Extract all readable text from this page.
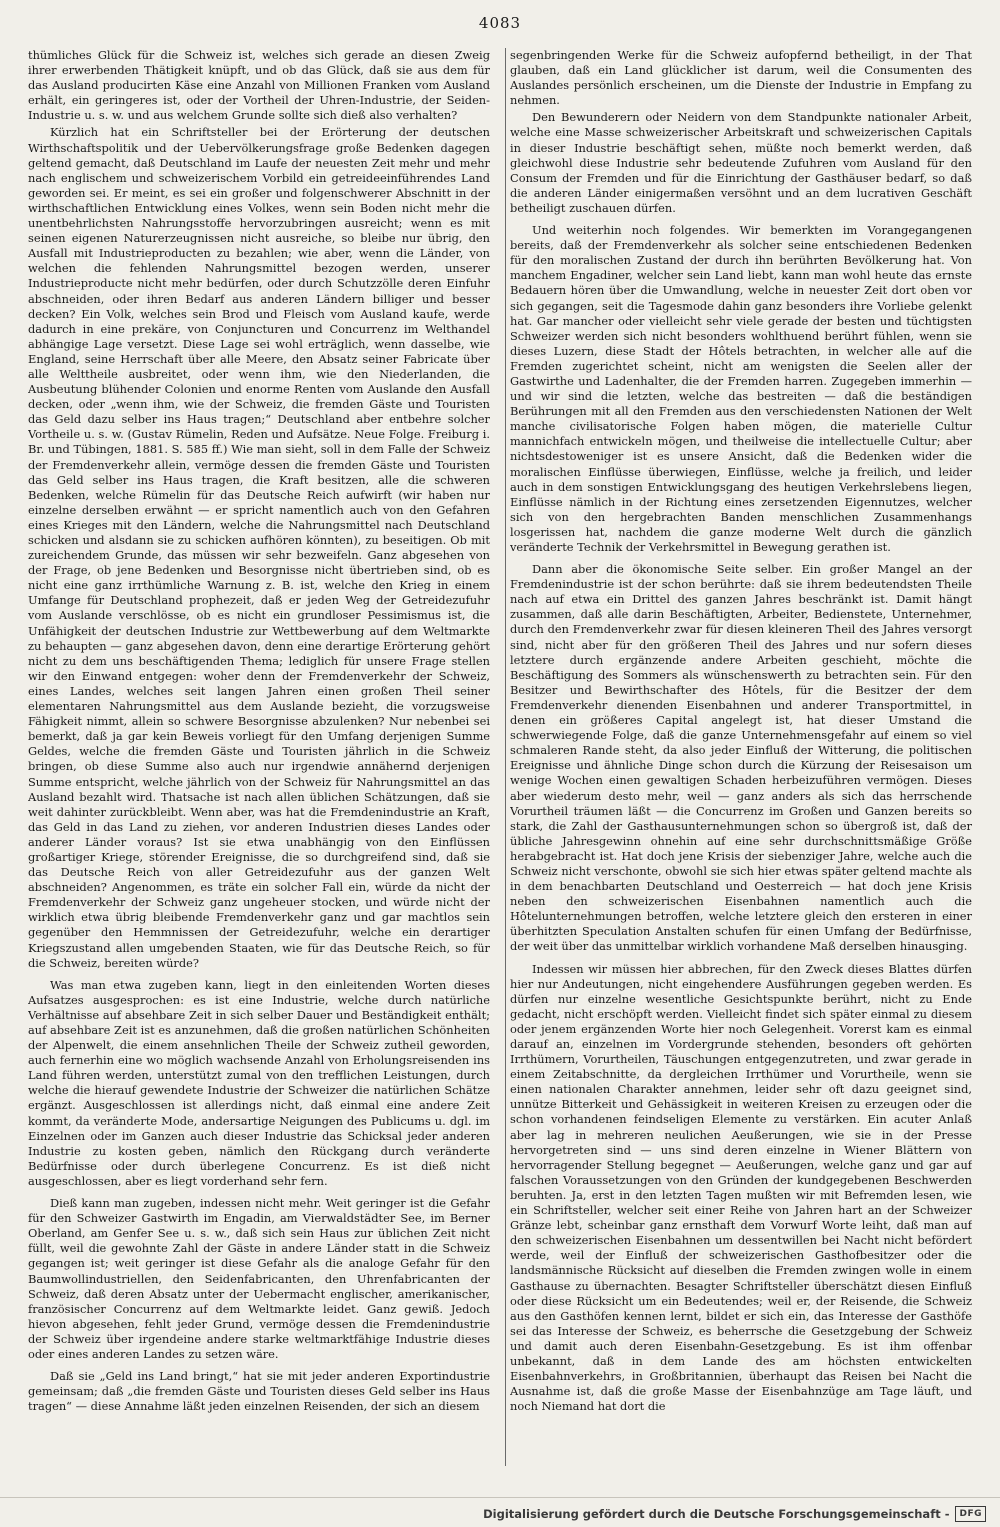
4083

thümliches Glück für die Schweiz ist, welches sich gerade an diesen Zweig ihrer erwerbenden Thätigkeit knüpft, und ob das Glück, daß sie aus dem für das Ausland producirten Käse eine Anzahl von Millionen Franken vom Ausland erhält, ein geringeres ist, oder der Vortheil der Uhren-Industrie, der Seiden-Industrie u. s. w. und aus welchem Grunde sollte sich dieß also verhalten?

Kürzlich hat ein Schriftsteller bei der Erörterung der deutschen Wirthschaftspolitik und der Uebervölkerungsfrage große Bedenken dagegen geltend gemacht, daß Deutschland im Laufe der neuesten Zeit mehr und mehr nach englischem und schweizerischem Vorbild ein getreideeinführendes Land geworden sei. Er meint, es sei ein großer und folgenschwerer Abschnitt in der wirthschaftlichen Entwicklung eines Volkes, wenn sein Boden nicht mehr die unentbehrlichsten Nahrungsstoffe hervorzubringen ausreicht; wenn es mit seinen eigenen Naturerzeugnissen nicht ausreiche, so bleibe nur übrig, den Ausfall mit Industrieproducten zu bezahlen; wie aber, wenn die Länder, von welchen die fehlenden Nahrungsmittel bezogen werden, unserer Industrieproducte nicht mehr bedürfen, oder durch Schutzzölle deren Einfuhr abschneiden, oder ihren Bedarf aus anderen Ländern billiger und besser decken? Ein Volk, welches sein Brod und Fleisch vom Ausland kaufe, werde dadurch in eine prekäre, von Conjuncturen und Concurrenz im Welthandel abhängige Lage versetzt. Diese Lage sei wohl erträglich, wenn dasselbe, wie England, seine Herrschaft über alle Meere, den Absatz seiner Fabricate über alle Welttheile ausbreitet, oder wenn ihm, wie den Niederlanden, die Ausbeutung blühender Colonien und enorme Renten vom Auslande den Ausfall decken, oder „wenn ihm, wie der Schweiz, die fremden Gäste und Touristen das Geld dazu selber ins Haus tragen;“ Deutschland aber entbehre solcher Vortheile u. s. w. (Gustav Rümelin, Reden und Aufsätze. Neue Folge. Freiburg i. Br. und Tübingen, 1881. S. 585 ff.) Wie man sieht, soll in dem Falle der Schweiz der Fremdenverkehr allein, vermöge dessen die fremden Gäste und Touristen das Geld selber ins Haus tragen, die Kraft besitzen, alle die schweren Bedenken, welche Rümelin für das Deutsche Reich aufwirft (wir haben nur einzelne derselben erwähnt — er spricht namentlich auch von den Gefahren eines Krieges mit den Ländern, welche die Nahrungsmittel nach Deutschland schicken und alsdann sie zu schicken aufhören könnten), zu beseitigen. Ob mit zureichendem Grunde, das müssen wir sehr bezweifeln. Ganz abgesehen von der Frage, ob jene Bedenken und Besorgnisse nicht übertrieben sind, ob es nicht eine ganz irrthümliche Warnung z. B. ist, welche den Krieg in einem Umfange für Deutschland prophezeit, daß er jeden Weg der Getreidezufuhr vom Auslande verschlösse, ob es nicht ein grundloser Pessimismus ist, die Unfähigkeit der deutschen Industrie zur Wettbewerbung auf dem Weltmarkte zu behaupten — ganz abgesehen davon, denn eine derartige Erörterung gehört nicht zu dem uns beschäftigenden Thema; lediglich für unsere Frage stellen wir den Einwand entgegen: woher denn der Fremdenverkehr der Schweiz, eines Landes, welches seit langen Jahren einen großen Theil seiner elementaren Nahrungsmittel aus dem Auslande bezieht, die vorzugsweise Fähigkeit nimmt, allein so schwere Besorgnisse abzulenken? Nur nebenbei sei bemerkt, daß ja gar kein Beweis vorliegt für den Umfang derjenigen Summe Geldes, welche die fremden Gäste und Touristen jährlich in die Schweiz bringen, ob diese Summe also auch nur irgendwie annähernd derjenigen Summe entspricht, welche jährlich von der Schweiz für Nahrungsmittel an das Ausland bezahlt wird. Thatsache ist nach allen üblichen Schätzungen, daß sie weit dahinter zurückbleibt. Wenn aber, was hat die Fremdenindustrie an Kraft, das Geld in das Land zu ziehen, vor anderen Industrien dieses Landes oder anderer Länder voraus? Ist sie etwa unabhängig von den Einflüssen großartiger Kriege, störender Ereignisse, die so durchgreifend sind, daß sie das Deutsche Reich von aller Getreidezufuhr aus der ganzen Welt abschneiden? Angenommen, es träte ein solcher Fall ein, würde da nicht der Fremdenverkehr der Schweiz ganz ungeheuer stocken, und würde nicht der wirklich etwa übrig bleibende Fremdenverkehr ganz und gar machtlos sein gegenüber den Hemmnissen der Getreidezufuhr, welche ein derartiger Kriegszustand allen umgebenden Staaten, wie für das Deutsche Reich, so für die Schweiz, bereiten würde?

Was man etwa zugeben kann, liegt in den einleitenden Worten dieses Aufsatzes ausgesprochen: es ist eine Industrie, welche durch natürliche Verhältnisse auf absehbare Zeit in sich selber Dauer und Beständigkeit enthält; auf absehbare Zeit ist es anzunehmen, daß die großen natürlichen Schönheiten der Alpenwelt, die einem ansehnlichen Theile der Schweiz zutheil geworden, auch fernerhin eine wo möglich wachsende Anzahl von Erholungsreisenden ins Land führen werden, unterstützt zumal von den trefflichen Leistungen, durch welche die hierauf gewendete Industrie der Schweizer die natürlichen Schätze ergänzt. Ausgeschlossen ist allerdings nicht, daß einmal eine andere Zeit kommt, da veränderte Mode, andersartige Neigungen des Publicums u. dgl. im Einzelnen oder im Ganzen auch dieser Industrie das Schicksal jeder anderen Industrie zu kosten geben, nämlich den Rückgang durch veränderte Bedürfnisse oder durch überlegene Concurrenz. Es ist dieß nicht ausgeschlossen, aber es liegt vorderhand sehr fern.

Dieß kann man zugeben, indessen nicht mehr. Weit geringer ist die Gefahr für den Schweizer Gastwirth im Engadin, am Vierwaldstädter See, im Berner Oberland, am Genfer See u. s. w., daß sich sein Haus zur üblichen Zeit nicht füllt, weil die gewohnte Zahl der Gäste in andere Länder statt in die Schweiz gegangen ist; weit geringer ist diese Gefahr als die analoge Gefahr für den Baumwollindustriellen, den Seidenfabricanten, den Uhrenfabricanten der Schweiz, daß deren Absatz unter der Uebermacht englischer, amerikanischer, französischer Concurrenz auf dem Weltmarkte leidet. Ganz gewiß. Jedoch hievon abgesehen, fehlt jeder Grund, vermöge dessen die Fremdenindustrie der Schweiz über irgendeine andere starke weltmarktfähige Industrie dieses oder eines anderen Landes zu setzen wäre.

Daß sie „Geld ins Land bringt,“ hat sie mit jeder anderen Exportindustrie gemeinsam; daß „die fremden Gäste und Touristen dieses Geld selber ins Haus tragen“ — diese Annahme läßt jeden einzelnen Reisenden, der sich an diesem

segenbringenden Werke für die Schweiz aufopfernd betheiligt, in der That glauben, daß ein Land glücklicher ist darum, weil die Consumenten des Auslandes persönlich erscheinen, um die Dienste der Industrie in Empfang zu nehmen.

Den Bewunderern oder Neidern von dem Standpunkte nationaler Arbeit, welche eine Masse schweizerischer Arbeitskraft und schweizerischen Capitals in dieser Industrie beschäftigt sehen, müßte noch bemerkt werden, daß gleichwohl diese Industrie sehr bedeutende Zufuhren vom Ausland für den Consum der Fremden und für die Einrichtung der Gasthäuser bedarf, so daß die anderen Länder einigermaßen versöhnt und an dem lucrativen Geschäft betheiligt zuschauen dürfen.

Und weiterhin noch folgendes. Wir bemerkten im Vorangegangenen bereits, daß der Fremdenverkehr als solcher seine entschiedenen Bedenken für den moralischen Zustand der durch ihn berührten Bevölkerung hat. Von manchem Engadiner, welcher sein Land liebt, kann man wohl heute das ernste Bedauern hören über die Umwandlung, welche in neuester Zeit dort oben vor sich gegangen, seit die Tagesmode dahin ganz besonders ihre Vorliebe gelenkt hat. Gar mancher oder vielleicht sehr viele gerade der besten und tüchtigsten Schweizer werden sich nicht besonders wohlthuend berührt fühlen, wenn sie dieses Luzern, diese Stadt der Hôtels betrachten, in welcher alle auf die Fremden zugerichtet scheint, nicht am wenigsten die Seelen aller der Gastwirthe und Ladenhalter, die der Fremden harren. Zugegeben immerhin — und wir sind die letzten, welche das bestreiten — daß die beständigen Berührungen mit all den Fremden aus den verschiedensten Nationen der Welt manche civilisatorische Folgen haben mögen, die materielle Cultur mannichfach entwickeln mögen, und theilweise die intellectuelle Cultur; aber nichtsdestoweniger ist es unsere Ansicht, daß die Bedenken wider die moralischen Einflüsse überwiegen, Einflüsse, welche ja freilich, und leider auch in dem sonstigen Entwicklungsgang des heutigen Verkehrslebens liegen, Einflüsse nämlich in der Richtung eines zersetzenden Eigennutzes, welcher sich von den hergebrachten Banden menschlichen Zusammenhangs losgerissen hat, nachdem die ganze moderne Welt durch die gänzlich veränderte Technik der Verkehrsmittel in Bewegung gerathen ist.

Dann aber die ökonomische Seite selber. Ein großer Mangel an der Fremdenindustrie ist der schon berührte: daß sie ihrem bedeutendsten Theile nach auf etwa ein Drittel des ganzen Jahres beschränkt ist. Damit hängt zusammen, daß alle darin Beschäftigten, Arbeiter, Bedienstete, Unternehmer, durch den Fremdenverkehr zwar für diesen kleineren Theil des Jahres versorgt sind, nicht aber für den größeren Theil des Jahres und nur sofern dieses letztere durch ergänzende andere Arbeiten geschieht, möchte die Beschäftigung des Sommers als wünschenswerth zu betrachten sein. Für den Besitzer und Bewirthschafter des Hôtels, für die Besitzer der dem Fremdenverkehr dienenden Eisenbahnen und anderer Transportmittel, in denen ein größeres Capital angelegt ist, hat dieser Umstand die schwerwiegende Folge, daß die ganze Unternehmensgefahr auf einem so viel schmaleren Rande steht, da also jeder Einfluß der Witterung, die politischen Ereignisse und ähnliche Dinge schon durch die Kürzung der Reisesaison um wenige Wochen einen gewaltigen Schaden herbeizuführen vermögen. Dieses aber wiederum desto mehr, weil — ganz anders als sich das herrschende Vorurtheil träumen läßt — die Concurrenz im Großen und Ganzen bereits so stark, die Zahl der Gasthausunternehmungen schon so übergroß ist, daß der übliche Jahresgewinn ohnehin auf eine sehr durchschnittsmäßige Größe herabgebracht ist. Hat doch jene Krisis der siebenziger Jahre, welche auch die Schweiz nicht verschonte, obwohl sie sich hier etwas später geltend machte als in dem benachbarten Deutschland und Oesterreich — hat doch jene Krisis neben den schweizerischen Eisenbahnen namentlich auch die Hôtelunternehmungen betroffen, welche letztere gleich den ersteren in einer überhitzten Speculation Anstalten schufen für einen Umfang der Bedürfnisse, der weit über das unmittelbar wirklich vorhandene Maß derselben hinausging.

Indessen wir müssen hier abbrechen, für den Zweck dieses Blattes dürfen hier nur Andeutungen, nicht eingehendere Ausführungen gegeben werden. Es dürfen nur einzelne wesentliche Gesichtspunkte berührt, nicht zu Ende gedacht, nicht erschöpft werden. Vielleicht findet sich später einmal zu diesem oder jenem ergänzenden Worte hier noch Gelegenheit. Vorerst kam es einmal darauf an, einzelnen im Vordergrunde stehenden, besonders oft gehörten Irrthümern, Vorurtheilen, Täuschungen entgegenzutreten, und zwar gerade in einem Zeitabschnitte, da dergleichen Irrthümer und Vorurtheile, wenn sie einen nationalen Charakter annehmen, leider sehr oft dazu geeignet sind, unnütze Bitterkeit und Gehässigkeit in weiteren Kreisen zu erzeugen oder die schon vorhandenen feindseligen Elemente zu verstärken. Ein acuter Anlaß aber lag in mehreren neulichen Aeußerungen, wie sie in der Presse hervorgetreten sind — uns sind deren einzelne in Wiener Blättern von hervorragender Stellung begegnet — Aeußerungen, welche ganz und gar auf falschen Voraussetzungen von den Gründen der kundgegebenen Beschwerden beruhten. Ja, erst in den letzten Tagen mußten wir mit Befremden lesen, wie ein Schriftsteller, welcher seit einer Reihe von Jahren hart an der Schweizer Gränze lebt, scheinbar ganz ernsthaft dem Vorwurf Worte leiht, daß man auf den schweizerischen Eisenbahnen um dessentwillen bei Nacht nicht befördert werde, weil der Einfluß der schweizerischen Gasthofbesitzer oder die landsmännische Rücksicht auf dieselben die Fremden zwingen wolle in einem Gasthause zu übernachten. Besagter Schriftsteller überschätzt diesen Einfluß oder diese Rücksicht um ein Bedeutendes; weil er, der Reisende, die Schweiz aus den Gasthöfen kennen lernt, bildet er sich ein, das Interesse der Gasthöfe sei das Interesse der Schweiz, es beherrsche die Gesetzgebung der Schweiz und damit auch deren Eisenbahn-Gesetzgebung. Es ist ihm offenbar unbekannt, daß in dem Lande des am höchsten entwickelten Eisenbahnverkehrs, in Großbritannien, überhaupt das Reisen bei Nacht die Ausnahme ist, daß die große Masse der Eisenbahnzüge am Tage läuft, und noch Niemand hat dort die

Digitalisierung gefördert durch die Deutsche Forschungsgemeinschaft -	DFG
